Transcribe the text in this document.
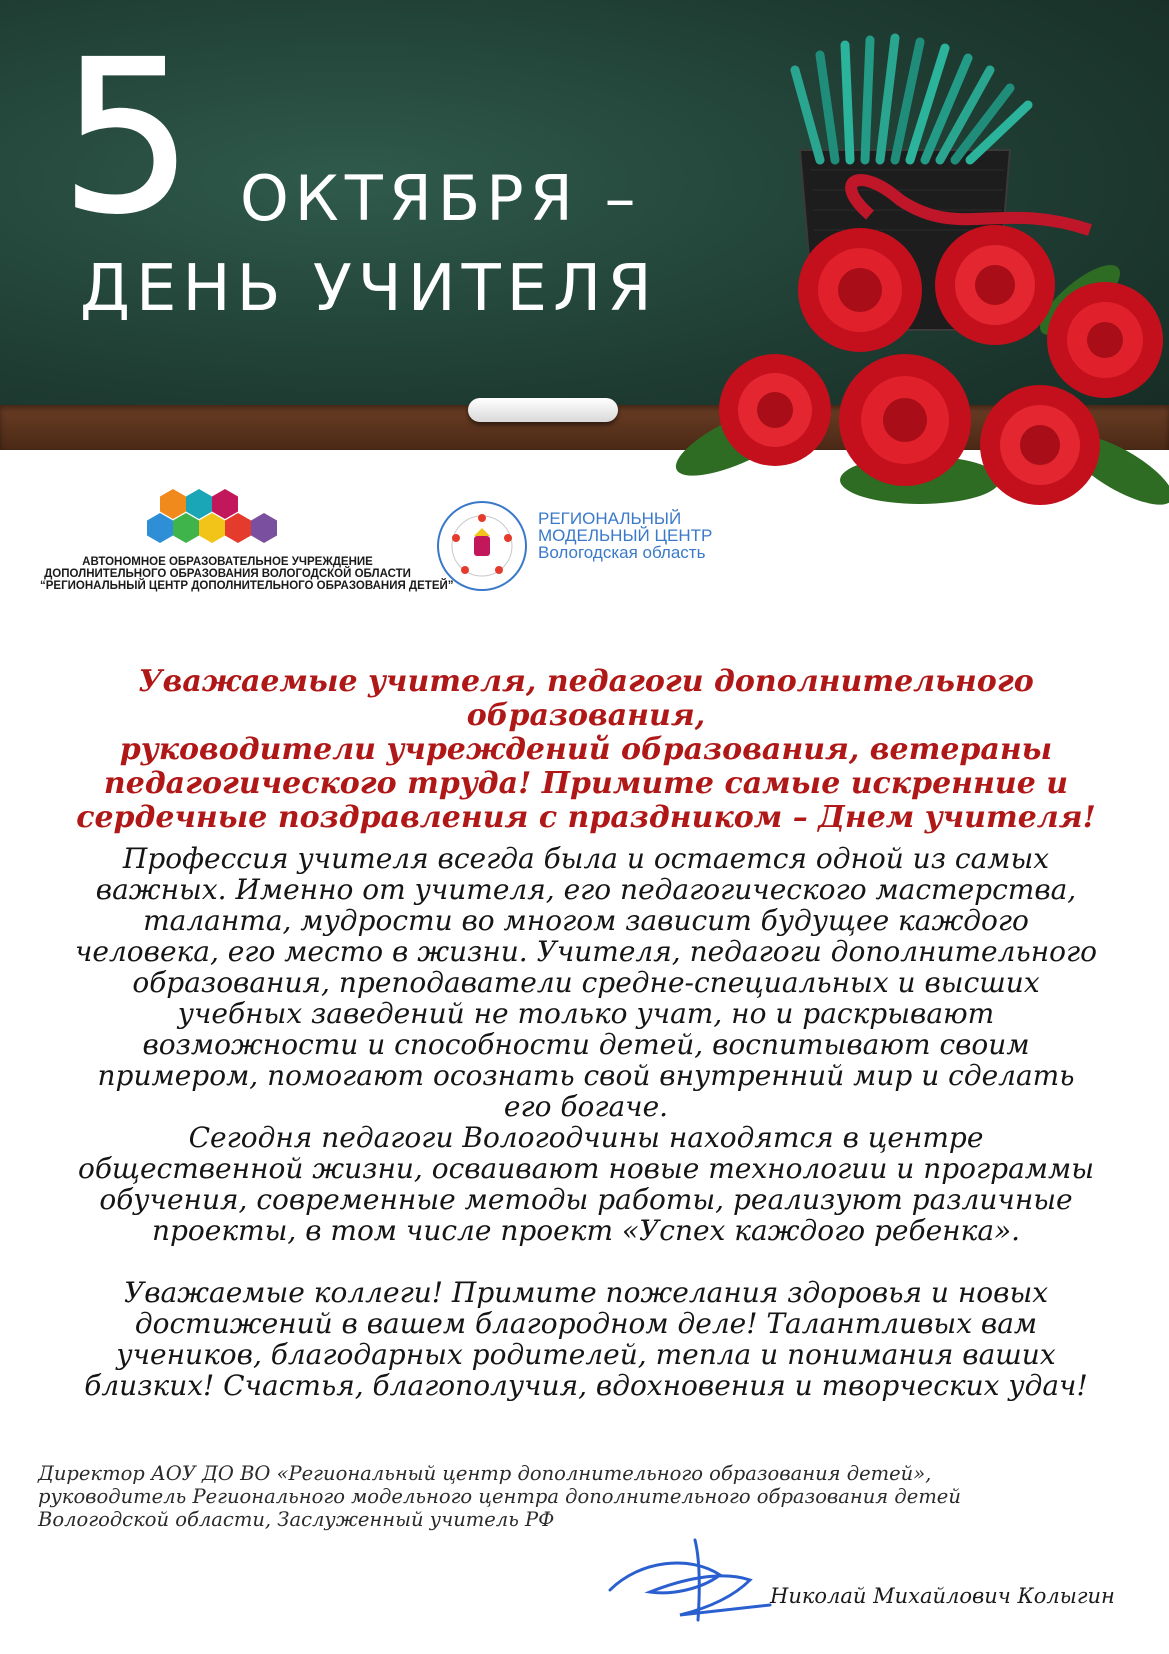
5 ОКТЯБРЯ –
ДЕНЬ УЧИТЕЛЯ
АВТОНОМНОЕ ОБРАЗОВАТЕЛЬНОЕ УЧРЕЖДЕНИЕ
ДОПОЛНИТЕЛЬНОГО ОБРАЗОВАНИЯ ВОЛОГОДСКОЙ ОБЛАСТИ
“РЕГИОНАЛЬНЫЙ ЦЕНТР ДОПОЛНИТЕЛЬНОГО ОБРАЗОВАНИЯ ДЕТЕЙ”
РЕГИОНАЛЬНЫЙ
МОДЕЛЬНЫЙ ЦЕНТР
Вологодская область
Уважаемые учителя, педагоги дополнительного образования,
руководители учреждений образования, ветераны
педагогического труда! Примите самые искренние и
сердечные поздравления с праздником – Днем учителя!

Профессия учителя всегда была и остается одной из самых

важных. Именно от учителя, его педагогического мастерства,

таланта, мудрости во многом зависит будущее каждого

человека, его место в жизни. Учителя, педагоги дополнительного

образования, преподаватели средне-специальных и высших

учебных заведений не только учат, но и раскрывают

возможности и способности детей, воспитывают своим

примером, помогают осознать свой внутренний мир и сделать

его богаче.

Сегодня педагоги Вологодчины находятся в центре

общественной жизни, осваивают новые технологии и программы

обучения, современные методы работы, реализуют различные

проекты, в том числе проект «Успех каждого ребенка».

Уважаемые коллеги! Примите пожелания здоровья и новых

достижений в вашем благородном деле! Талантливых вам

учеников, благодарных родителей, тепла и понимания ваших

близких! Счастья, благополучия, вдохновения и творческих удач!

Директор АОУ ДО ВО «Региональный центр дополнительного образования детей»,

руководитель Регионального модельного центра дополнительного образования детей

Вологодской области, Заслуженный учитель РФ

Николай Михайлович Колыгин
